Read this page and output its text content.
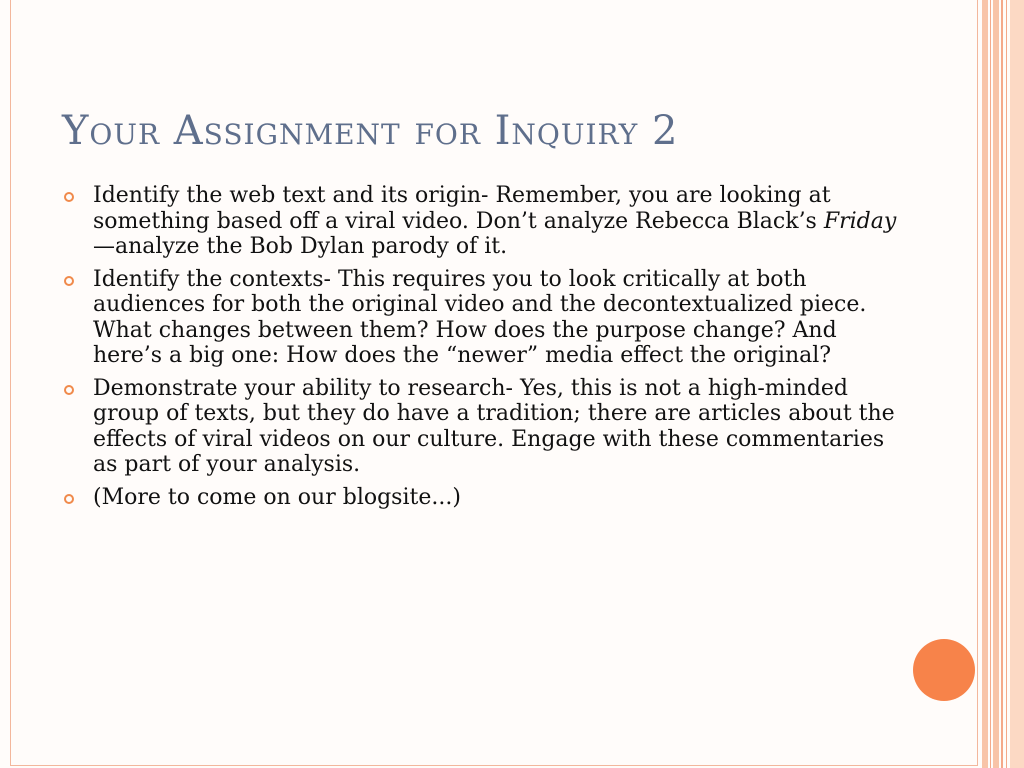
Your Assignment for Inquiry 2
Identify the web text and its origin- Remember, you are looking at something based off a viral video. Don’t analyze Rebecca Black’s Friday—analyze the Bob Dylan parody of it.
Identify the contexts- This requires you to look critically at both audiences for both the original video and the decontextualized piece. What changes between them? How does the purpose change? And here’s a big one: How does the “newer” media effect the original?
Demonstrate your ability to research- Yes, this is not a high-minded group of texts, but they do have a tradition; there are articles about the effects of viral videos on our culture. Engage with these commentaries as part of your analysis.
(More to come on our blogsite...)
